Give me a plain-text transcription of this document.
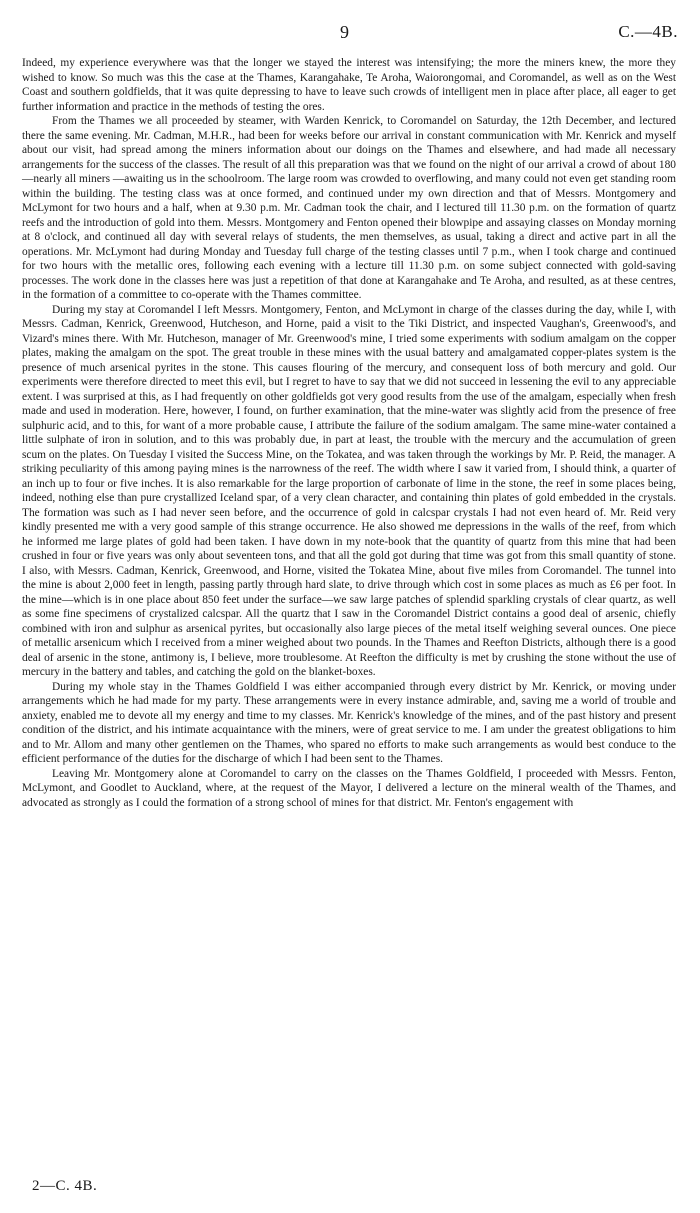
9	C.—4B.

Indeed, my experience everywhere was that the longer we stayed the interest was intensifying; the more the miners knew, the more they wished to know. So much was this the case at the Thames, Karangahake, Te Aroha, Waiorongomai, and Coromandel, as well as on the West Coast and southern goldfields, that it was quite depressing to have to leave such crowds of intelligent men in place after place, all eager to get further information and practice in the methods of testing the ores.

From the Thames we all proceeded by steamer, with Warden Kenrick, to Coromandel on Saturday, the 12th December, and lectured there the same evening. Mr. Cadman, M.H.R., had been for weeks before our arrival in constant communication with Mr. Kenrick and myself about our visit, had spread among the miners information about our doings on the Thames and elsewhere, and had made all necessary arrangements for the success of the classes. The result of all this preparation was that we found on the night of our arrival a crowd of about 180—nearly all miners —awaiting us in the schoolroom. The large room was crowded to overflowing, and many could not even get standing room within the building. The testing class was at once formed, and continued under my own direction and that of Messrs. Montgomery and McLymont for two hours and a half, when at 9.30 p.m. Mr. Cadman took the chair, and I lectured till 11.30 p.m. on the formation of quartz reefs and the introduction of gold into them. Messrs. Montgomery and Fenton opened their blowpipe and assaying classes on Monday morning at 8 o'clock, and continued all day with several relays of students, the men themselves, as usual, taking a direct and active part in all the operations. Mr. McLymont had during Monday and Tuesday full charge of the testing classes until 7 p.m., when I took charge and continued for two hours with the metallic ores, following each evening with a lecture till 11.30 p.m. on some subject connected with gold-saving processes. The work done in the classes here was just a repetition of that done at Karangahake and Te Aroha, and resulted, as at these centres, in the formation of a committee to co-operate with the Thames committee.

During my stay at Coromandel I left Messrs. Montgomery, Fenton, and McLymont in charge of the classes during the day, while I, with Messrs. Cadman, Kenrick, Greenwood, Hutcheson, and Horne, paid a visit to the Tiki District, and inspected Vaughan's, Greenwood's, and Vizard's mines there. With Mr. Hutcheson, manager of Mr. Greenwood's mine, I tried some experiments with sodium amalgam on the copper plates, making the amalgam on the spot. The great trouble in these mines with the usual battery and amalgamated copper-plates system is the presence of much arsenical pyrites in the stone. This causes flouring of the mercury, and consequent loss of both mercury and gold. Our experiments were therefore directed to meet this evil, but I regret to have to say that we did not succeed in lessening the evil to any appreciable extent. I was surprised at this, as I had frequently on other goldfields got very good results from the use of the amalgam, especially when fresh made and used in moderation. Here, however, I found, on further examination, that the mine-water was slightly acid from the presence of free sulphuric acid, and to this, for want of a more probable cause, I attribute the failure of the sodium amalgam. The same mine-water contained a little sulphate of iron in solution, and to this was probably due, in part at least, the trouble with the mercury and the accumulation of green scum on the plates. On Tuesday I visited the Success Mine, on the Tokatea, and was taken through the workings by Mr. P. Reid, the manager. A striking peculiarity of this among paying mines is the narrowness of the reef. The width where I saw it varied from, I should think, a quarter of an inch up to four or five inches. It is also remarkable for the large proportion of carbonate of lime in the stone, the reef in some places being, indeed, nothing else than pure crystallized Iceland spar, of a very clean character, and containing thin plates of gold embedded in the crystals. The formation was such as I had never seen before, and the occurrence of gold in calcspar crystals I had not even heard of. Mr. Reid very kindly presented me with a very good sample of this strange occurrence. He also showed me depressions in the walls of the reef, from which he informed me large plates of gold had been taken. I have down in my note-book that the quantity of quartz from this mine that had been crushed in four or five years was only about seventeen tons, and that all the gold got during that time was got from this small quantity of stone. I also, with Messrs. Cadman, Kenrick, Greenwood, and Horne, visited the Tokatea Mine, about five miles from Coromandel. The tunnel into the mine is about 2,000 feet in length, passing partly through hard slate, to drive through which cost in some places as much as £6 per foot. In the mine—which is in one place about 850 feet under the surface—we saw large patches of splendid sparkling crystals of clear quartz, as well as some fine specimens of crystalized calcspar. All the quartz that I saw in the Coromandel District contains a good deal of arsenic, chiefly combined with iron and sulphur as arsenical pyrites, but occasionally also large pieces of the metal itself weighing several ounces. One piece of metallic arsenicum which I received from a miner weighed about two pounds. In the Thames and Reefton Districts, although there is a good deal of arsenic in the stone, antimony is, I believe, more troublesome. At Reefton the difficulty is met by crushing the stone without the use of mercury in the battery and tables, and catching the gold on the blanket-boxes.

During my whole stay in the Thames Goldfield I was either accompanied through every district by Mr. Kenrick, or moving under arrangements which he had made for my party. These arrangements were in every instance admirable, and, saving me a world of trouble and anxiety, enabled me to devote all my energy and time to my classes. Mr. Kenrick's knowledge of the mines, and of the past history and present condition of the district, and his intimate acquaintance with the miners, were of great service to me. I am under the greatest obligations to him and to Mr. Allom and many other gentlemen on the Thames, who spared no efforts to make such arrangements as would best conduce to the efficient performance of the duties for the discharge of which I had been sent to the Thames.

Leaving Mr. Montgomery alone at Coromandel to carry on the classes on the Thames Goldfield, I proceeded with Messrs. Fenton, McLymont, and Goodlet to Auckland, where, at the request of the Mayor, I delivered a lecture on the mineral wealth of the Thames, and advocated as strongly as I could the formation of a strong school of mines for that district. Mr. Fenton's engagement with

2—C. 4B.
